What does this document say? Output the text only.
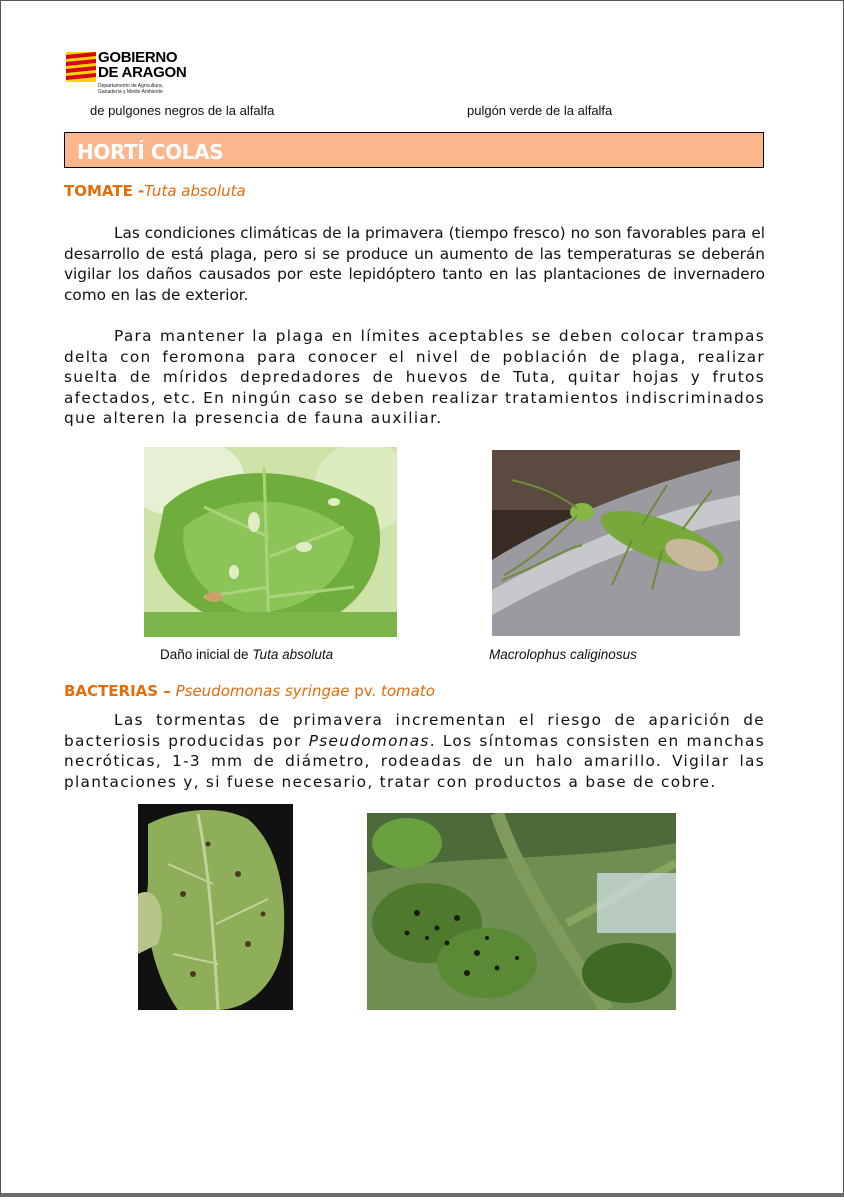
GOBIERNO
DE ARAGON
Departamento de Agricultura,
Ganadería y Medio Ambiente
de pulgones negros de la alfalfa	pulgón verde de la alfalfa
HORTÍ COLAS
TOMATE -Tuta absoluta

Las condiciones climáticas de la primavera (tiempo fresco) no son favorables para el desarrollo de está plaga, pero si se produce un aumento de las temperaturas se deberán vigilar los daños causados por este lepidóptero tanto en las plantaciones de invernadero como en las de exterior.

Para mantener la plaga en límites aceptables se deben colocar trampas delta con feromona para conocer el nivel de población de plaga, realizar suelta de míridos depredadores de huevos de Tuta, quitar hojas y frutos afectados, etc. En ningún caso se deben realizar tratamientos indiscriminados que alteren la presencia de fauna auxiliar.

Daño inicial de Tuta absoluta	Macrolophus caliginosus
BACTERIAS – Pseudomonas syringae pv. tomato

Las tormentas de primavera incrementan el riesgo de aparición de bacteriosis producidas por Pseudomonas. Los síntomas consisten en manchas necróticas, 1-3 mm de diámetro, rodeadas de un halo amarillo. Vigilar las plantaciones y, si fuese necesario, tratar con productos a base de cobre.
